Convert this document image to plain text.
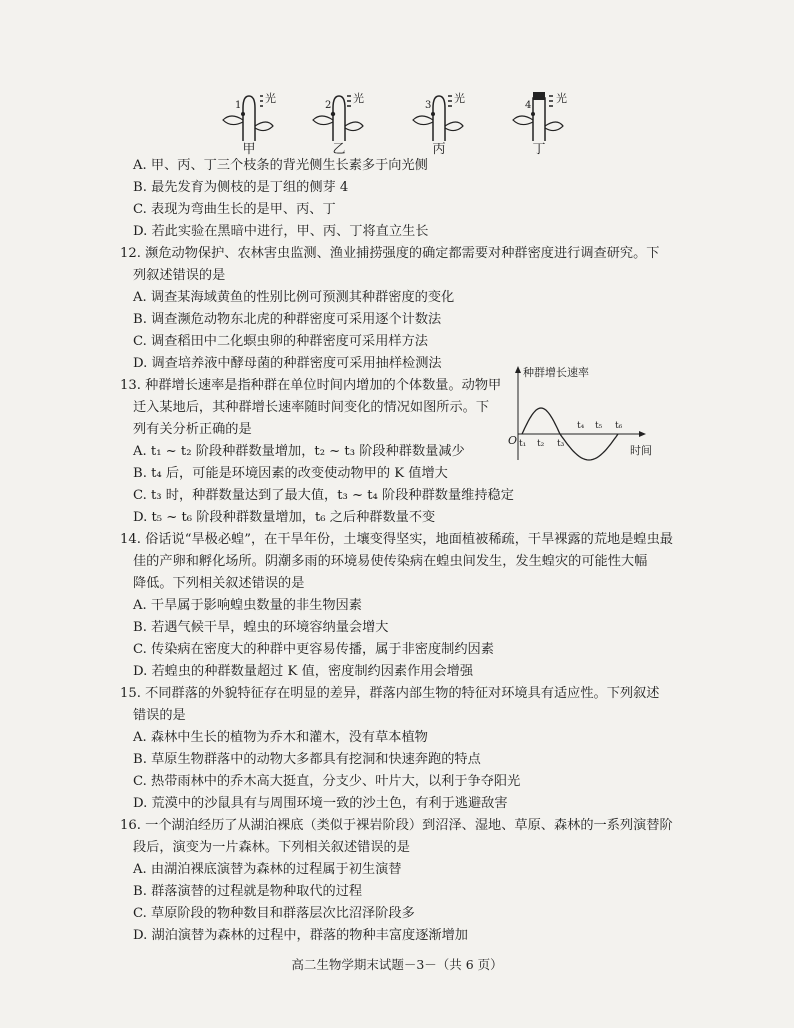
1
光
甲
2
光
乙
3
光
丙
4
光
丁
A. 甲、丙、丁三个枝条的背光侧生长素多于向光侧
B. 最先发育为侧枝的是丁组的侧芽 4
C. 表现为弯曲生长的是甲、丙、丁
D. 若此实验在黑暗中进行，甲、丙、丁将直立生长
12. 濒危动物保护、农林害虫监测、渔业捕捞强度的确定都需要对种群密度进行调查研究。下
列叙述错误的是
A. 调查某海域黄鱼的性别比例可预测其种群密度的变化
B. 调查濒危动物东北虎的种群密度可采用逐个计数法
C. 调查稻田中二化螟虫卵的种群密度可采用样方法
D. 调查培养液中酵母菌的种群密度可采用抽样检测法
13. 种群增长速率是指种群在单位时间内增加的个体数量。动物甲
迁入某地后，其种群增长速率随时间变化的情况如图所示。下
列有关分析正确的是
A. t₁ ~ t₂ 阶段种群数量增加，t₂ ~ t₃ 阶段种群数量减少
B. t₄ 后，可能是环境因素的改变使动物甲的 K 值增大
C. t₃ 时，种群数量达到了最大值，t₃ ~ t₄ 阶段种群数量维持稳定
D. t₅ ~ t₆ 阶段种群数量增加，t₆ 之后种群数量不变
种群增长速率
O
时间
t₁ t₂ t₃
t₄ t₅ t₆
14. 俗话说“旱极必蝗”，在干旱年份，土壤变得坚实，地面植被稀疏，干旱裸露的荒地是蝗虫最
佳的产卵和孵化场所。阴潮多雨的环境易使传染病在蝗虫间发生，发生蝗灾的可能性大幅
降低。下列相关叙述错误的是
A. 干旱属于影响蝗虫数量的非生物因素
B. 若遇气候干旱，蝗虫的环境容纳量会增大
C. 传染病在密度大的种群中更容易传播，属于非密度制约因素
D. 若蝗虫的种群数量超过 K 值，密度制约因素作用会增强
15. 不同群落的外貌特征存在明显的差异，群落内部生物的特征对环境具有适应性。下列叙述
错误的是
A. 森林中生长的植物为乔木和灌木，没有草本植物
B. 草原生物群落中的动物大多都具有挖洞和快速奔跑的特点
C. 热带雨林中的乔木高大挺直，分支少、叶片大，以利于争夺阳光
D. 荒漠中的沙鼠具有与周围环境一致的沙土色，有利于逃避敌害
16. 一个湖泊经历了从湖泊裸底（类似于裸岩阶段）到沼泽、湿地、草原、森林的一系列演替阶
段后，演变为一片森林。下列相关叙述错误的是
A. 由湖泊裸底演替为森林的过程属于初生演替
B. 群落演替的过程就是物种取代的过程
C. 草原阶段的物种数目和群落层次比沼泽阶段多
D. 湖泊演替为森林的过程中，群落的物种丰富度逐渐增加
高二生物学期末试题－3－（共 6 页）
